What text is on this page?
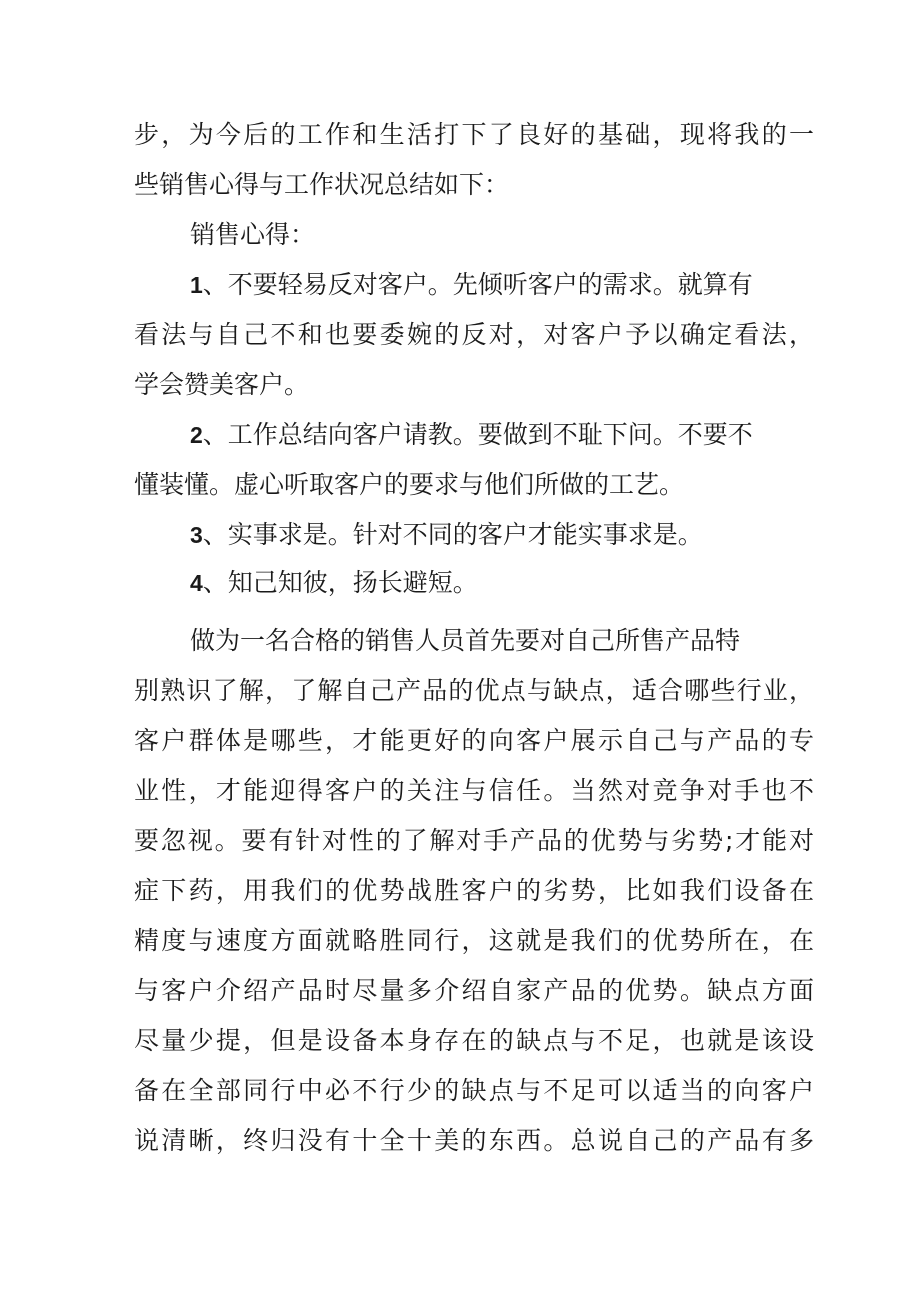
步，为今后的工作和生活打下了良好的基础，现将我的一
些销售心得与工作状况总结如下：
销售心得：
1、不要轻易反对客户。先倾听客户的需求。就算有
看法与自己不和也要委婉的反对，对客户予以确定看法，
学会赞美客户。
2、工作总结向客户请教。要做到不耻下问。不要不
懂装懂。虚心听取客户的要求与他们所做的工艺。
3、实事求是。针对不同的客户才能实事求是。
4、知己知彼，扬长避短。
做为一名合格的销售人员首先要对自己所售产品特
别熟识了解，了解自己产品的优点与缺点，适合哪些行业，
客户群体是哪些，才能更好的向客户展示自己与产品的专
业性，才能迎得客户的关注与信任。当然对竞争对手也不
要忽视。要有针对性的了解对手产品的优势与劣势;才能对
症下药，用我们的优势战胜客户的劣势，比如我们设备在
精度与速度方面就略胜同行，这就是我们的优势所在，在
与客户介绍产品时尽量多介绍自家产品的优势。缺点方面
尽量少提，但是设备本身存在的缺点与不足，也就是该设
备在全部同行中必不行少的缺点与不足可以适当的向客户
说清晰，终归没有十全十美的东西。总说自己的产品有多
